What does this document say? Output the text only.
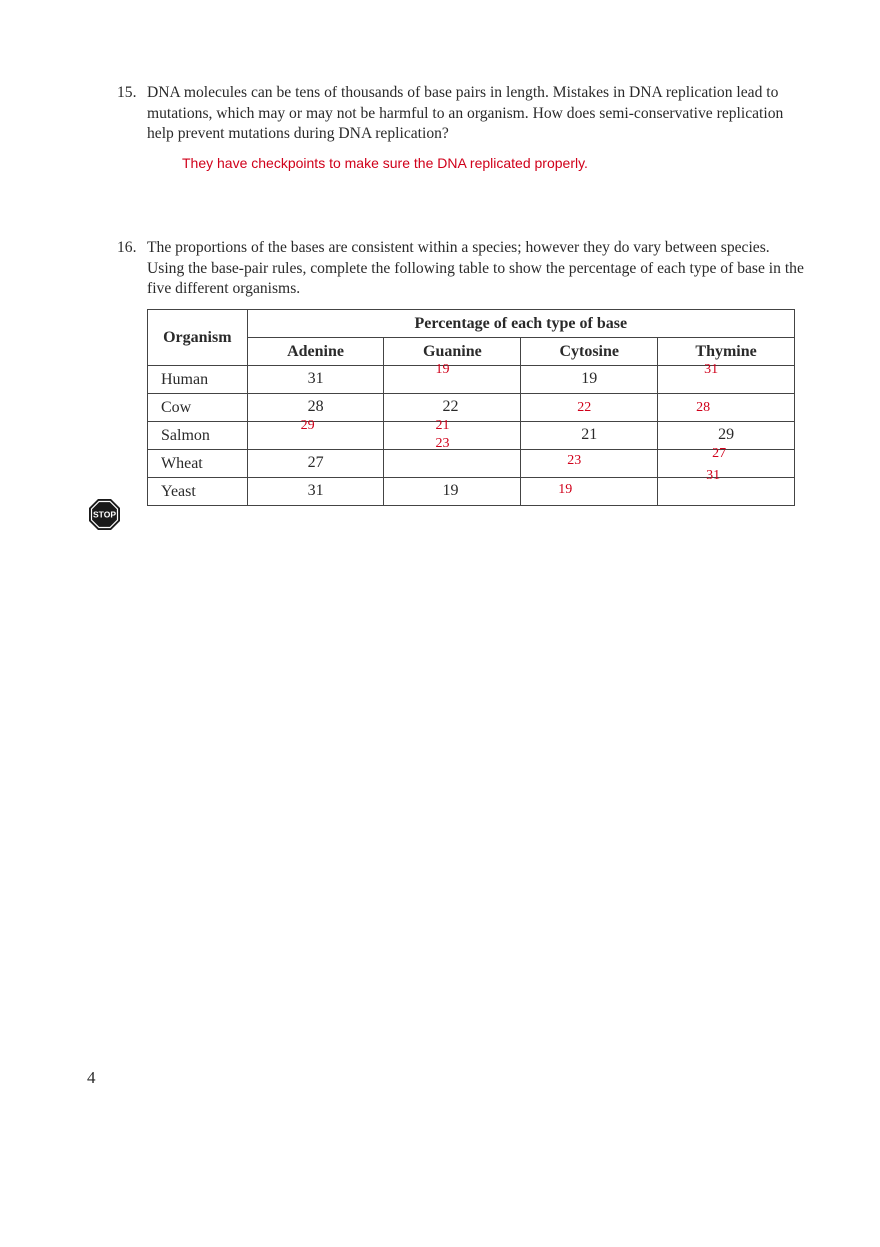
15. DNA molecules can be tens of thousands of base pairs in length. Mistakes in DNA replication lead to mutations, which may or may not be harmful to an organism. How does semi-conservative replication help prevent mutations during DNA replication?
They have checkpoints to make sure the DNA replicated properly.
16. The proportions of the bases are consistent within a species; however they do vary between species. Using the base-pair rules, complete the following table to show the percentage of each type of base in the five different organisms.
Organism	Percentage of each type of base			
	Adenine	Guanine	Cytosine	Thymine
Human	31	19	19	31

Cow	28	22	22	28

Salmon	29	21	21	29

Wheat	27	23	23	27

Yeast	31	19	19	31
STOP
4
